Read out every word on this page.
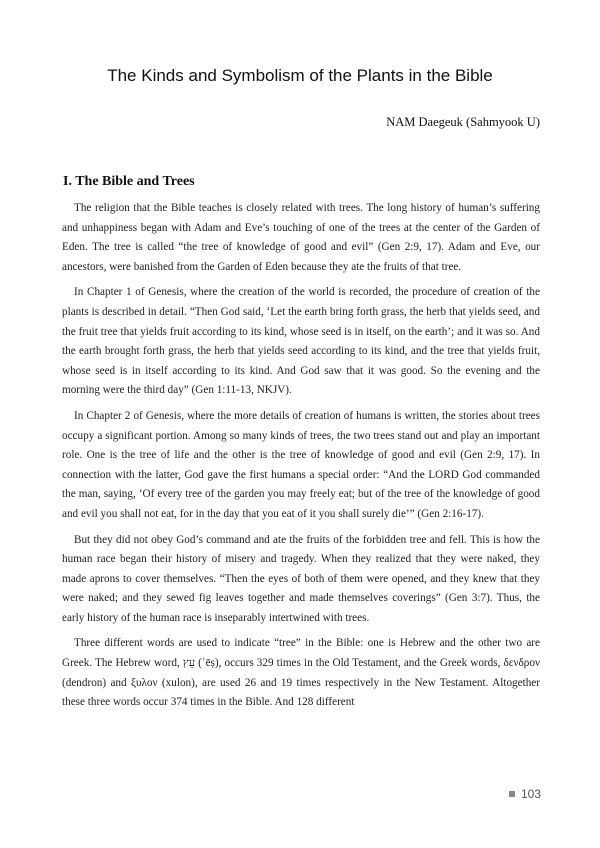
The Kinds and Symbolism of the Plants in the Bible
NAM Daegeuk (Sahmyook U)
I. The Bible and Trees

The religion that the Bible teaches is closely related with trees. The long history of human’s suffering and unhappiness began with Adam and Eve’s touching of one of the trees at the center of the Garden of Eden. The tree is called “the tree of knowledge of good and evil” (Gen 2:9, 17). Adam and Eve, our ancestors, were banished from the Garden of Eden because they ate the fruits of that tree.

In Chapter 1 of Genesis, where the creation of the world is recorded, the procedure of creation of the plants is described in detail. “Then God said, ‘Let the earth bring forth grass, the herb that yields seed, and the fruit tree that yields fruit according to its kind, whose seed is in itself, on the earth’; and it was so. And the earth brought forth grass, the herb that yields seed according to its kind, and the tree that yields fruit, whose seed is in itself according to its kind. And God saw that it was good. So the evening and the morning were the third day” (Gen 1:11-13, NKJV).

In Chapter 2 of Genesis, where the more details of creation of humans is written, the stories about trees occupy a significant portion. Among so many kinds of trees, the two trees stand out and play an important role. One is the tree of life and the other is the tree of knowledge of good and evil (Gen 2:9, 17). In connection with the latter, God gave the first humans a special order: “And the LORD God commanded the man, saying, ‘Of every tree of the garden you may freely eat; but of the tree of the knowledge of good and evil you shall not eat, for in the day that you eat of it you shall surely die’” (Gen 2:16-17).

But they did not obey God’s command and ate the fruits of the forbidden tree and fell. This is how the human race began their history of misery and tragedy. When they realized that they were naked, they made aprons to cover themselves. “Then the eyes of both of them were opened, and they knew that they were naked; and they sewed fig leaves together and made themselves coverings” (Gen 3:7). Thus, the early history of the human race is inseparably intertwined with trees.

Three different words are used to indicate “tree” in the Bible: one is Hebrew and the other two are Greek. The Hebrew word, עֵץ (ʿēṣ), occurs 329 times in the Old Testament, and the Greek words, δενδρον (dendron) and ξυλον (xulon), are used 26 and 19 times respectively in the New Testament. Altogether these three words occur 374 times in the Bible. And 128 different

103
